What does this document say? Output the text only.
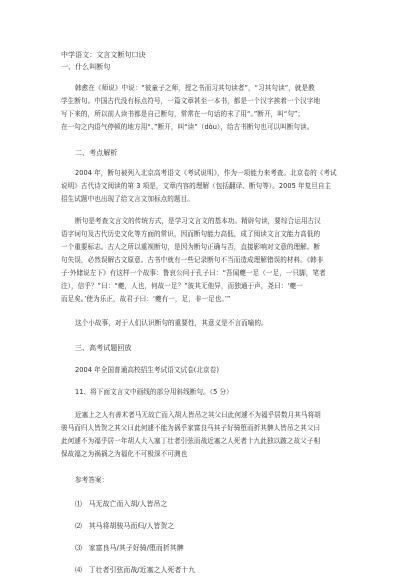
中学语文：文言文断句口诀
一、什么叫断句
韩愈在《师说》中说：“彼童子之师，授之书而习其句读者”，“习其句读”，就是教
学生断句。中国古代没有标点符号，一篇文章甚至一本书，都是一个汉字挨着一个汉字地
写下来的，所以前人读书都是自己断句，常常在一句话的末了用“。”断开，叫“句”；
在一句之内语气停顿的地方用“、”断开，叫“读”（dòu），给古书断句也可以叫断句读。
二、考点解析
2004 年，断句被列入北京高考语文《考试说明》，作为一项能力来考查。北京卷的《考试
说明》古代诗文阅读的第 3 项是，文章内容的理解（包括翻译、断句等）。2005 年复旦自主
招生试题中也出现了给文言文加标点的题目。
断句是考查文言文的传统方式，是学习文言文的基本功。精辟句读，要综合运用古汉
语字词句及古代历史文化等方面的常识，因而断句能力高低，成了阅读文言文能力高低的
一个重要标志。古人之所以重视断句，是因为断句正确与否，直接影响对文意的理解。断
句失误，必然误解古文原意。古书中就有一些记录断句不当而造成理解错误的材料。《韩非
子·外储说左下》有这样一个故事：鲁哀公问于孔子曰：“吾闻夔一足（一足，一只脚，笔者
注），信乎？”曰：“夔，人也，何故一足？”彼其无他异，而独通于声，尧曰：‘夔一
而足矣。’使为乐正，故君子曰：‘夔有一，足，非一足也。’”
这个小故事，对于人们认识断句的重要性，其意义是不言而喻的。
三、高考试题回放
2004 年全国普通高校招生考试语文试卷(北京卷)
11、将下面文言文中画线的部分用斜线断句。（5 分）
近塞上之人有善术者马无故亡而入胡人皆吊之其父曰此何遽不为福乎居数月其马将胡
骏马而归人皆贺之其父曰此何遽不能为祸乎家富良马其子好骑堕而折其髀人皆吊之其父曰
此何遽不为福乎居一年胡人大入塞丁壮者引弦而战近塞之人死者十九此独以跛之故父子相
保故福之为祸祸之为福化不可极深不可测也
参考答案：
⑴ 马无故亡而入胡/人皆吊之
⑵ 其马将胡骏马而归/人皆贺之
⑶ 家富良马/其子好骑/堕而折其髀
⑷ 丁壮者引弦而战/近塞之人死者十九
